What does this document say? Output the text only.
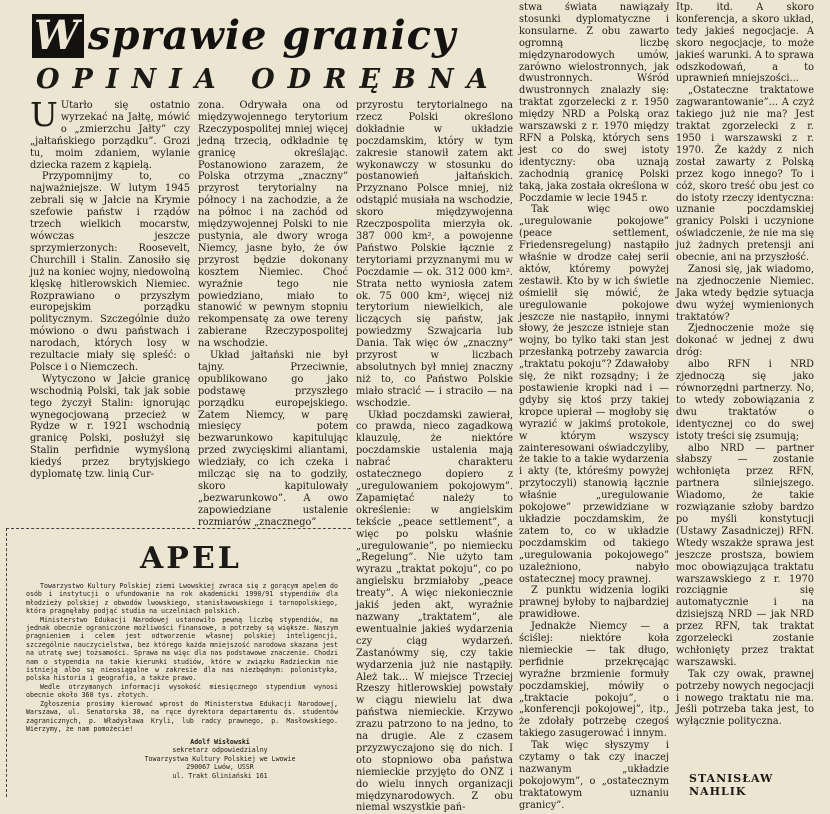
W sprawie granicy
OPINIA ODRĘBNA

U Utarło się ostatnio wyrzekać na Jałtę, mówić o „zmierzchu Jałty” czy „jałtańskiego porządku”. Grozi tu, moim zdaniem, wylanie dziecka razem z kąpielą.

Przypomnijmy to, co najważniejsze. W lutym 1945 zebrali się w Jałcie na Krymie szefowie państw i rządów trzech wielkich mocarstw, wówczas jeszcze sprzymierzonych: Roosevelt, Churchill i Stalin. Zanosiło się już na koniec wojny, niedowolną klęskę hitlerowskich Niemiec. Rozprawiano o przyszłym europejskim porządku politycznym. Szczególnie dużo mówiono o dwu państwach i narodach, których losy w rezultacie miały się spleść: o Polsce i o Niemczech.

Wytyczono w Jałcie granicę wschodnią Polski, tak jak sobie tego życzył Stalin: ignorując wynegocjowaną przecież w Rydze w r. 1921 wschodnią granicę Polski, posłużył się Stalin perfidnie wymyśloną kiedyś przez brytyjskiego dyplomatę tzw. linią Cur-

zona. Odrywała ona od międzywojennego terytorium Rzeczypospolitej mniej więcej jedną trzecią, odkładnie tę granicę określając. Postanowiono zarazem, że Polska otrzyma „znaczny” przyrost terytorialny na północy i na zachodzie, a że na północ i na zachód od międzywojennej Polski to nie pustynia, ale dwory wroga Niemcy, jasne było, że ów przyrost będzie dokonany kosztem Niemiec. Choć wyraźnie tego nie powiedziano, miało to stanowić w pewnym stopniu rekompensatę za owe tereny zabierane Rzeczypospolitej na wschodzie.

Układ jałtański nie był tajny. Przeciwnie, opublikowano go jako podstawę przyszłego porządku europejskiego. Zatem Niemcy, w parę miesięcy potem bezwarunkowo kapitulując przed zwycięskimi aliantami, wiedziały, co ich czeka i milcząc się na to godziły, skoro kapitulowały „bezwarunkowo”. A owo zapowiedziane ustalenie rozmiarów „znacznego”

przyrostu terytorialnego na rzecz Polski określono dokładnie w układzie poczdamskim, który w tym zakresie stanowił zatem akt wykonawczy w stosunku do postanowień jałtańskich. Przyznano Polsce mniej, niż odstąpić musiała na wschodzie, skoro międzywojenna Rzeczpospolita mierzyła ok. 387 000 km², a powojenne Państwo Polskie łącznie z terytoriami przyznanymi mu w Poczdamie — ok. 312 000 km². Strata netto wyniosła zatem ok. 75 000 km², więcej niż terytorium niewielkich, ale liczących się państw, jak powiedzmy Szwajcaria lub Dania. Tak więc ów „znaczny” przyrost w liczbach absolutnych był mniej znaczny niż to, co Państwo Polskie miało stracić — i straciło — na wschodzie.

Układ poczdamski zawierał, co prawda, nieco zagadkową klauzulę, że niektóre poczdamskie ustalenia mają nabrać charakteru ostatecznego dopiero z „uregulowaniem pokojowym”. Zapamiętać należy to określenie: w angielskim tekście „peace settlement”, a więc po polsku właśnie „uregulowanie”, po niemiecku „Regelung”. Nie użyto tam wyrazu „traktat pokoju”, co po angielsku brzmiałoby „peace treaty”. A więc niekoniecznie jakiś jeden akt, wyraźnie nazwany „traktatem”, ale ewentualnie jakieś wydarzenia czy ciąg wydarzeń. Zastanówmy się, czy takie wydarzenia już nie nastąpiły. Ależ tak... W miejsce Trzeciej Rzeszy hitlerowskiej powstały w ciągu niewielu lat dwa państwa niemieckie. Krzywo zrazu patrzono to na jedno, to na drugie. Ale z czasem przyzwyczajono się do nich. I oto stopniowo oba państwa niemieckie przyjęto do ONZ i do wielu innych organizacji międzynarodowych. Z obu niemal wszystkie pań-

stwa świata nawiązały stosunki dyplomatyczne i konsularne. Z obu zawarto ogromną liczbę międzynarodowych umów, zarówno wielostronnych, jak dwustronnych. Wśród dwustronnych znalazły się: traktat zgorzelecki z r. 1950 między NRD a Polską oraz warszawski z r. 1970 między RFN a Polską, których sens jest co do swej istoty identyczny: oba uznają zachodnią granicę Polski taką, jaka została określona w Poczdamie w lecie 1945 r.

Tak więc owo „uregulowanie pokojowe” (peace settlement, Friedensregelung) nastąpiło właśnie w drodze całej serii aktów, któremy powyżej zestawił. Kto by w ich świetle ośmielił się mówić, że uregulowanie pokojowe jeszcze nie nastąpiło, innymi słowy, że jeszcze istnieje stan wojny, bo tylko taki stan jest przesłanką potrzeby zawarcia „traktatu pokoju”? Zdawałoby się, że nikt rozsądny; i że postawienie kropki nad i — gdyby się ktoś przy takiej kropce upierał — mogłoby się wyrazić w jakimś protokole, w którym wszyscy zainteresowani oświadczyliby, że takie to a takie wydarzenia i akty (te, któreśmy powyżej przytoczyli) stanowią łącznie właśnie „uregulowanie pokojowe” przewidziane w układzie poczdamskim, że zatem to, co w układzie poczdamskim od takiego „uregulowania pokojowego” uzależniono, nabyło ostatecznej mocy prawnej.

Z punktu widzenia logiki prawnej byłoby to najbardziej prawidłowe.

Jednakże Niemcy — a ściślej: niektóre koła niemieckie — tak długo, perfidnie przekręcając wyraźne brzmienie formuły poczdamskiej, mówiły o „traktacie pokoju”, o „konferencji pokojowej”, itp., że zdołały potrzebę czegoś takiego zasugerować i innym.

Tak więc słyszymy i czytamy o tak czy inaczej nazwanym „układzie pokojowym”, o „ostatecznym traktatowym uznaniu granicy”.

Itp. itd. A skoro konferencja, a skoro układ, tedy jakieś negocjacje. A skoro negocjacje, to może jakieś warunki. A to sprawa odszkodowań, a to uprawnień mniejszości...

„Ostateczne traktatowe zagwarantowanie”... A czyż takiego już nie ma? Jest traktat zgorzelecki z r. 1950 i warszawski z r. 1970. Że każdy z nich został zawarty z Polską przez kogo innego? To i cóż, skoro treść obu jest co do istoty rzeczy identyczna: uznanie poczdamskiej granicy Polski i uczynione oświadczenie, że nie ma się już żadnych pretensji ani obecnie, ani na przyszłość.

Zanosi się, jak wiadomo, na zjednoczenie Niemiec. Jaka wtedy będzie sytuacja dwu wyżej wymienionych traktatów?

Zjednoczenie może się dokonać w jednej z dwu dróg:

albo RFN i NRD zjednoczą się jako równorzędni partnerzy. No, to wtedy zobowiązania z dwu traktatów o identycznej co do swej istoty treści się zsumują;

albo NRD — partner słabszy — zostanie wchłonięta przez RFN, partnera silniejszego. Wiadomo, że takie rozwiązanie szłoby bardzo po myśli konstytucji (Ustawy Zasadniczej) RFN. Wtedy wszakże sprawa jest jeszcze prostsza, bowiem moc obowiązująca traktatu warszawskiego z r. 1970 rozciągnie się automatycznie i na dzisiejszą NRD — jak NRD przez RFN, tak traktat zgorzelecki zostanie wchłonięty przez traktat warszawski.

Tak czy owak, prawnej potrzeby nowych negocjacji i nowego traktatu nie ma. Jeśli potrzeba taka jest, to wyłącznie polityczna.

STANISŁAW NAHLIK
APEL

Towarzystwo Kultury Polskiej ziemi Lwowskiej zwraca się z gorącym apelem do osób i instytucji o ufundowanie na rok akademicki 1990/91 stypendiów dla młodzieży polskiej z obwodów lwowskiego, stanisławowskiego i tarnopolskiego, która pragnęłaby podjąć studia na uczelniach polskich.

Ministerstwo Edukacji Narodowej ustanowiło pewną liczbę stypendiów, ma jednak obecnie ograniczone możliwości finansowe, a potrzeby są większe. Naszym pragnieniem i celem jest odtworzenie własnej polskiej inteligencji, szczególnie nauczycielstwa, bez którego każda mniejszość narodowa skazana jest na utratę swej tożsamości. Sprawa ma więc dla nas podstawowe znaczenie. Chodzi nam o stypendia na takie kierunki studiów, które w związku Radzieckim nie istnieją albo są nieosiągalne w zakresie dla nas niezbędnym: polonistyka, polska historia i geografia, a także prawo.

Wedle otrzymanych informacji wysokość miesięcznego stypendium wynosi obecnie około 360 tys. złotych.

Zgłoszenia prosimy kierować wprost do Ministerstwa Edukacji Narodowej, Warszawa, ul. Senatorska 38, na ręce dyrektora departamentu ds. studentów zagranicznych, p. Władysława Kryli, lub radcy prawnego, p. Masłowskiego. Wierzymy, że nam pomożecie!

Adolf Wisłowski
sekretarz odpowiedzialny
Towarzystwa Kultury Polskiej we Lwowie
290067 Lwów, USSR
ul. Trakt Gliniański 161
